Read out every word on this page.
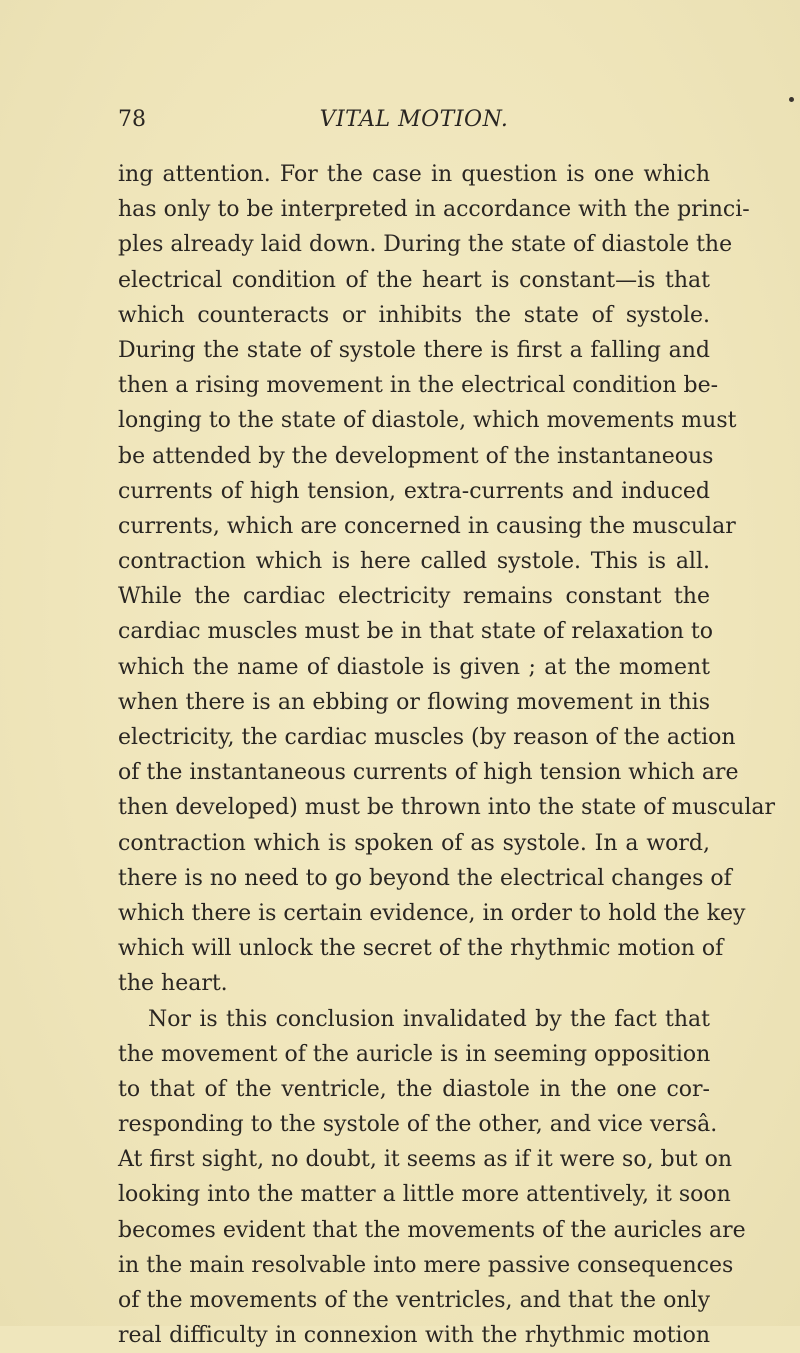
78	VITAL MOTION.
ing attention. For the case in question is one which
has only to be interpreted in accordance with the princi-
ples already laid down. During the state of diastole the
electrical condition of the heart is constant—is that
which counteracts or inhibits the state of systole.
During the state of systole there is first a falling and
then a rising movement in the electrical condition be-
longing to the state of diastole, which movements must
be attended by the development of the instantaneous
currents of high tension, extra-currents and induced
currents, which are concerned in causing the muscular
contraction which is here called systole. This is all.
While the cardiac electricity remains constant the
cardiac muscles must be in that state of relaxation to
which the name of diastole is given ; at the moment
when there is an ebbing or flowing movement in this
electricity, the cardiac muscles (by reason of the action
of the instantaneous currents of high tension which are
then developed) must be thrown into the state of muscular
contraction which is spoken of as systole. In a word,
there is no need to go beyond the electrical changes of
which there is certain evidence, in order to hold the key
which will unlock the secret of the rhythmic motion of
the heart.
Nor is this conclusion invalidated by the fact that
the movement of the auricle is in seeming opposition
to that of the ventricle, the diastole in the one cor-
responding to the systole of the other, and vice versâ.
At first sight, no doubt, it seems as if it were so, but on
looking into the matter a little more attentively, it soon
becomes evident that the movements of the auricles are
in the main resolvable into mere passive consequences
of the movements of the ventricles, and that the only
real difficulty in connexion with the rhythmic motion
